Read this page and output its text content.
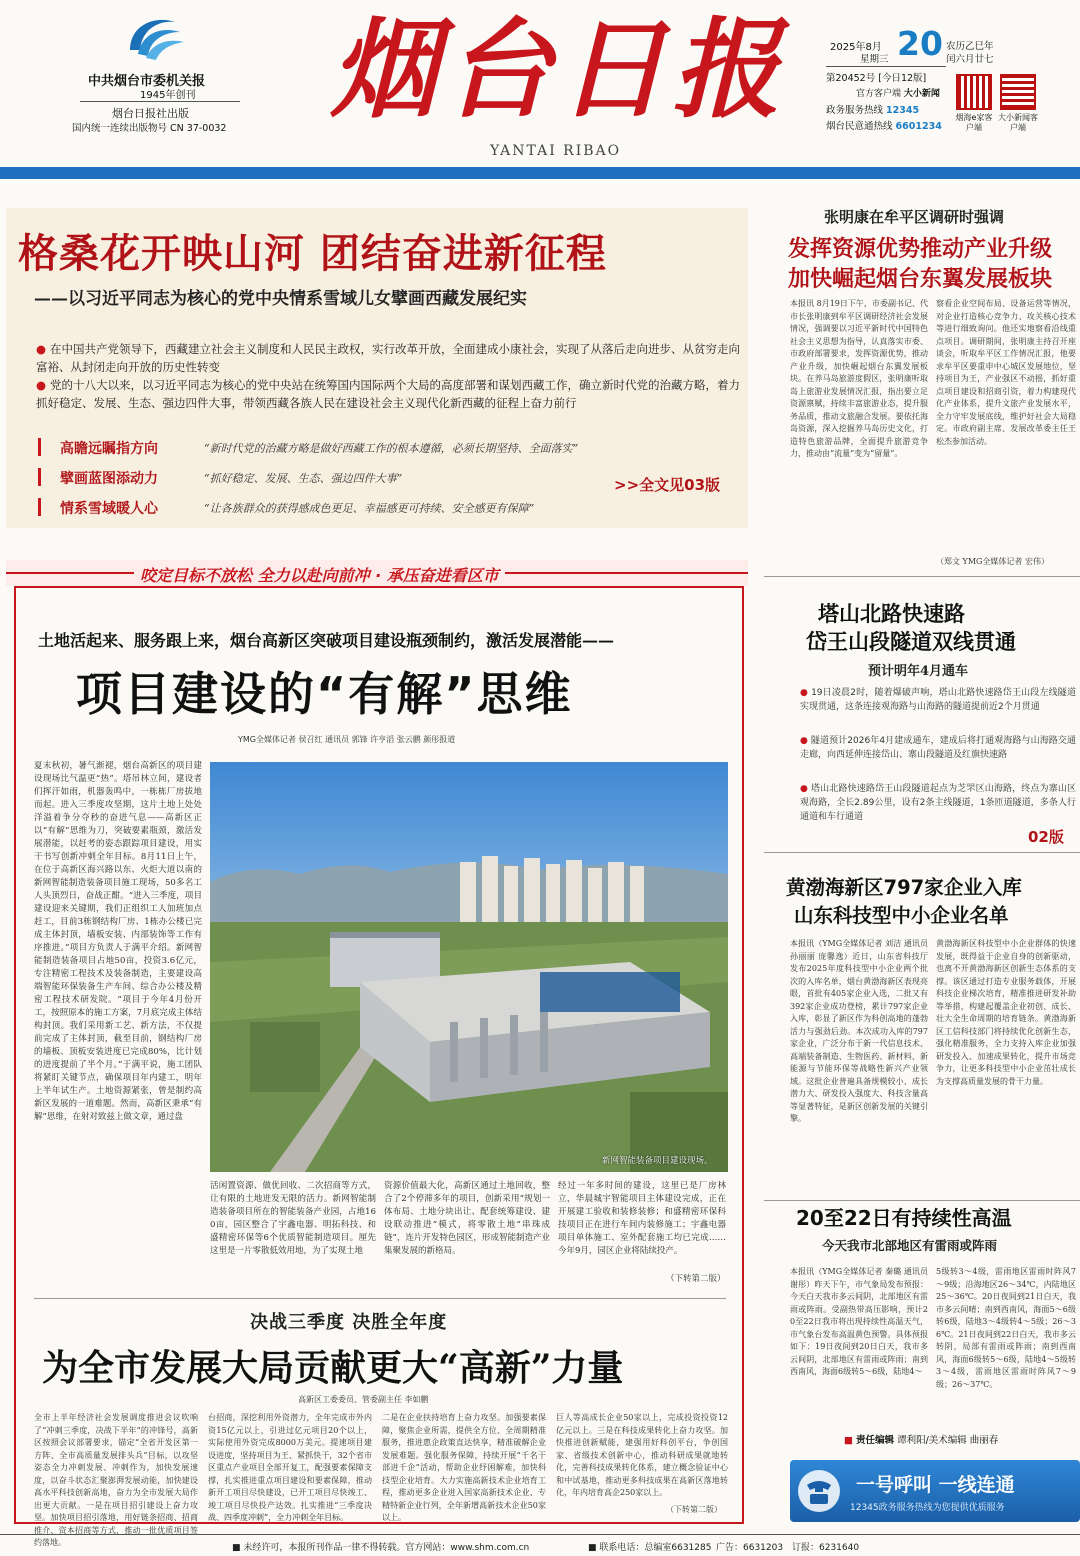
中共烟台市委机关报
1945年创刊
烟台日报社出版
国内统一连续出版物号 CN 37-0032 烟台日报
YANTAI RIBAO
2025年8月
星期三 20 农历乙巳年
闰六月廿七
第20452号 [今日12版]
官方客户端 大小新闻
政务服务热线 12345
烟台民意通热线 6601234
烟海e家客户端
大小新闻客户端
格桑花开映山河 团结奋进新征程
——以习近平同志为核心的党中央情系雪域儿女擘画西藏发展纪实
● 在中国共产党领导下，西藏建立社会主义制度和人民民主政权，实行改革开放，全面建成小康社会，实现了从落后走向进步、从贫穷走向富裕、从封闭走向开放的历史性转变
● 党的十八大以来，以习近平同志为核心的党中央站在统筹国内国际两个大局的高度部署和谋划西藏工作，确立新时代党的治藏方略，着力抓好稳定、发展、生态、强边四件大事，带领西藏各族人民在建设社会主义现代化新西藏的征程上奋力前行
高瞻远瞩指方向	“新时代党的治藏方略是做好西藏工作的根本遵循，必须长期坚持、全面落实”
擘画蓝图添动力	“抓好稳定、发展、生态、强边四件大事”
情系雪域暖人心	“让各族群众的获得感成色更足、幸福感更可持续、安全感更有保障”
>>全文见03版
张明康在牟平区调研时强调
发挥资源优势推动产业升级
加快崛起烟台东翼发展板块
本报讯 8月19日下午，市委副书记、代市长张明康到牟平区调研经济社会发展情况，强调要以习近平新时代中国特色社会主义思想为指导，认真落实市委、市政府部署要求，发挥资源优势，推动产业升级，加快崛起烟台东翼发展板块。在养马岛旅游度假区，张明康听取岛上旅游业发展情况汇报，指出要立足资源禀赋，持续丰富旅游业态，提升服务品质，推动文旅融合发展。要依托海岛资源，深入挖掘养马岛历史文化，打造特色旅游品牌，全面提升旅游竞争力，推动由“流量”变为“留量”。
察看企业空间布局、设备运营等情况，对企业打造核心竞争力、攻关核心技术等进行细致询问。他还实地察看沿线重点项目。调研期间，张明康主持召开座谈会，听取牟平区工作情况汇报，他要求牟平区要重申中心城区发展地位，坚持项目为王，产业强区不动摇，抓好重点项目建设和招商引资，着力构建现代化产业体系，提升文旅产业发展水平，全力守牢发展底线，维护好社会大局稳定。市政府副主席、发展改革委主任王松杰参加活动。
（郑文 YMG全媒体记者 宏伟）
塔山北路快速路
岱王山段隧道双线贯通
预计明年4月通车
● 19日凌晨2时，随着爆破声响，塔山北路快速路岱王山段左线隧道实现贯通，这条连接观海路与山海路的隧道提前近2个月贯通
● 隧道预计2026年4月建成通车，建成后将打通观海路与山海路交通走廊，向西延伸连接岱山、寨山段隧道及红旗快速路
● 塔山北路快速路岱王山段隧道起点为芝罘区山海路，终点为寨山区观海路，全长2.89公里，设有2条主线隧道，1条匝道隧道，多条人行通道和车行通道
02版
黄渤海新区797家企业入库
山东科技型中小企业名单
本报讯（YMG全媒体记者 刘洁 通讯员 孙丽丽 庞馨逸）近日，山东省科技厅发布2025年度科技型中小企业两个批次的入库名单，烟台黄渤海新区表现亮眼，首批有405家企业入选，二批又有392家企业成功登榜，累计797家企业入库，彰显了新区作为科创高地的蓬勃活力与强劲后劲。本次成功入库的797家企业，广泛分布于新一代信息技术、高端装备制造、生物医药、新材料、新能源与节能环保等战略性新兴产业领域。这批企业普遍具备规模较小、成长潜力大、研发投入强度大、科技含量高等显著特征，是新区创新发展的关键引擎。
黄渤海新区科技型中小企业群体的快速发展，既得益于企业自身的创新驱动，也离不开黄渤海新区创新生态体系的支撑。该区通过打造专业服务载体，开展科技企业梯次培育，精准推进研发补助等举措，构建起覆盖企业初创、成长、壮大全生命周期的培育链条。黄渤海新区工信科技部门将持续优化创新生态，强化精准服务，全力支持入库企业加强研发投入、加速成果转化，提升市场竞争力，让更多科技型中小企业茁壮成长为支撑高质量发展的骨干力量。
20至22日有持续性高温
今天我市北部地区有雷雨或阵雨
本报讯（YMG全媒体记者 秦璐 通讯员 谢彤）昨天下午，市气象局发布预报：今天白天我市多云间阴，北部地区有雷雨或阵雨。受副热带高压影响，预计20至22日我市将出现持续性高温天气，市气象台发布高温黄色预警。具体预报如下：19日夜间到20日白天，我市多云间阴，北部地区有雷雨或阵雨；南到西南风，海面6级转5～6级，陆地4～
5级转3～4级，雷雨地区雷雨时阵风7～9级；沿海地区26～34℃，内陆地区25～36℃。20日夜间到21日白天，我市多云间晴；南到西南风，海面5～6级转6级，陆地3～4级转4～5级；26～36℃。21日夜间到22日白天，我市多云转阴，局部有雷雨或阵雨；南到西南风，海面6级转5～6级，陆地4～5级转3～4级，雷雨地区雷雨时阵风7～9级；26～37℃。
■ 责任编辑 谭利阳/美术编辑 曲丽春
一号呼叫 一线连通
12345政务服务热线为您提供优质服务
咬定目标不放松 全力以赴向前冲 · 承压奋进看区市
土地活起来、服务跟上来，烟台高新区突破项目建设瓶颈制约，激活发展潜能——
项目建设的“有解”思维
YMG全媒体记者 侯召红 通讯员 郭锋 许亨滔 张云鹏 颜彤报道
夏末秋初，暑气渐褪，烟台高新区的项目建设现场比气温更“热”。塔吊林立间，建设者们挥汗如雨，机器轰鸣中，一栋栋厂房拔地而起。进入三季度攻坚期，这片土地上处处洋溢着争分夺秒的奋进气息——高新区正以“有解”思维为刀，突破要素瓶颈，激活发展潜能，以赶考的姿态跟踪项目建设，用实干书写创新冲刺全年目标。8月11日上午，在位于高新区海兴路以东、火炬大道以南的新网智能制造装备项目施工现场，50多名工人头顶烈日，奋战正酣。“进入三季度，项目建设迎来关键期，我们正组织工人加班加点赶工，目前3栋钢结构厂房、1栋办公楼已完成主体封顶，墙板安装、内部装饰等工作有序推进。”项目方负责人于满平介绍。新网智能制造装备项目占地50亩，投资3.6亿元，专注精密工程技术及装备制造，主要建设高端智能环保装备生产车间、综合办公楼及精密工程技术研发院。“项目于今年4月份开工，按照原本的施工方案，7月底完成主体结构封顶。我们采用新工艺、新方法，不仅提前完成了主体封顶，截至目前，钢结构厂房的墙板、顶板安装进度已完成80%，比计划的进度提前了半个月。”于满平说，施工团队将紧盯关键节点，确保项目年内建工，明年上半年试生产。土地资源紧张，曾是制约高新区发展的一道难题。然而，高新区秉承“有解”思维，在射对致兹上做文章，通过盘
新网智能装备项目建设现场。
活闲置资源、做优回收、二次招商等方式，让有限的土地迸发无限的活力。新网智能制造装备项目所在的智能装备产业园，占地160亩，园区整合了宇鑫电器、明拓科技、和盛精密环保等6个优质智能制造项目。厘先这里是一片零散低效用地，为了实现土地
资源价值最大化，高新区通过土地回收，整合了2个停滞多年的项目，创新采用“规划一体布局、土地分块出让、配套统筹建设、建设联动推进”模式，将零散土地“串珠成链”，连片开发特色园区，形成智能制造产业集聚发展的新格局。
经过一年多时间的建设，这里已是厂房林立，华晨城宇智能项目主体建设完成，正在开展建工验收和装修装修；和盛精密环保科技项目正在进行车间内装修施工；宇鑫电器项目单体施工、室外配套施工均已完成……今年9月，园区企业将陆续投产。
（下转第二版）
决战三季度 决胜全年度
为全市发展大局贡献更大“高新”力量
高新区工委委员、管委副主任 李如鹏
全市上半年经济社会发展调度推进会议吹响了“冲刺三季度，决战下半年”的冲锋号，高新区按照会议部署要求，锚定“全省开发区第一方阵、全市高质量发展排头兵”目标，以攻坚姿态全力冲刺发展、冲刺作为，加快发展速度，以奋斗状态汇聚澎湃发展动能，加快建设高水平科技创新高地，奋力为全市发展大局作出更大贡献。一是在项目招引建设上奋力攻坚。加快项目招引落地，用好链条招商、招商推介、资本招商等方式，推动一批优质项目签约落地。
台招商，深挖利用外资潜力，全年完成市外内资15亿元以上，引进过亿元项目20个以上，实际使用外资完成8000万美元。提速项目建设进度，坚持项目为王、紧抓快干，32个省市区重点产业项目全部开复工，配强要素保障支撑，扎实推进重点项目建设和要素保障，推动新开工项目尽快建设，已开工项目尽快竣工、竣工项目尽快投产达效。扎实推进“三季度决战、四季度冲刺”，全力冲刺全年目标。
二是在企业扶持培育上奋力攻坚。加强要素保障，聚焦企业所需，提供全方位、全周期精准服务，推进惠企政策直达快享，精准破解企业发展难题。强化服务保障，持续开展“千名干部进千企”活动，帮助企业纾困解难，加快科技型企业培育。大力实施高新技术企业培育工程，推动更多企业进入国家高新技术企业、专精特新企业行列，全年新增高新技术企业50家以上。
巨人等高成长企业50家以上，完成投资投资12亿元以上。三是在科技成果转化上奋力攻坚。加快推进创新赋能，建强用好科创平台，争创国家、省级技术创新中心，推动科研成果就地转化，完善科技成果转化体系，建立概念验证中心和中试基地，推动更多科技成果在高新区落地转化，年内培育高企250家以上。
（下转第二版）
■ 未经许可，本报所刊作品一律不得转载。官方网站：www.shm.com.cn	■ 联系电话：总编室6631285 广告：6631203 订报：6231640
